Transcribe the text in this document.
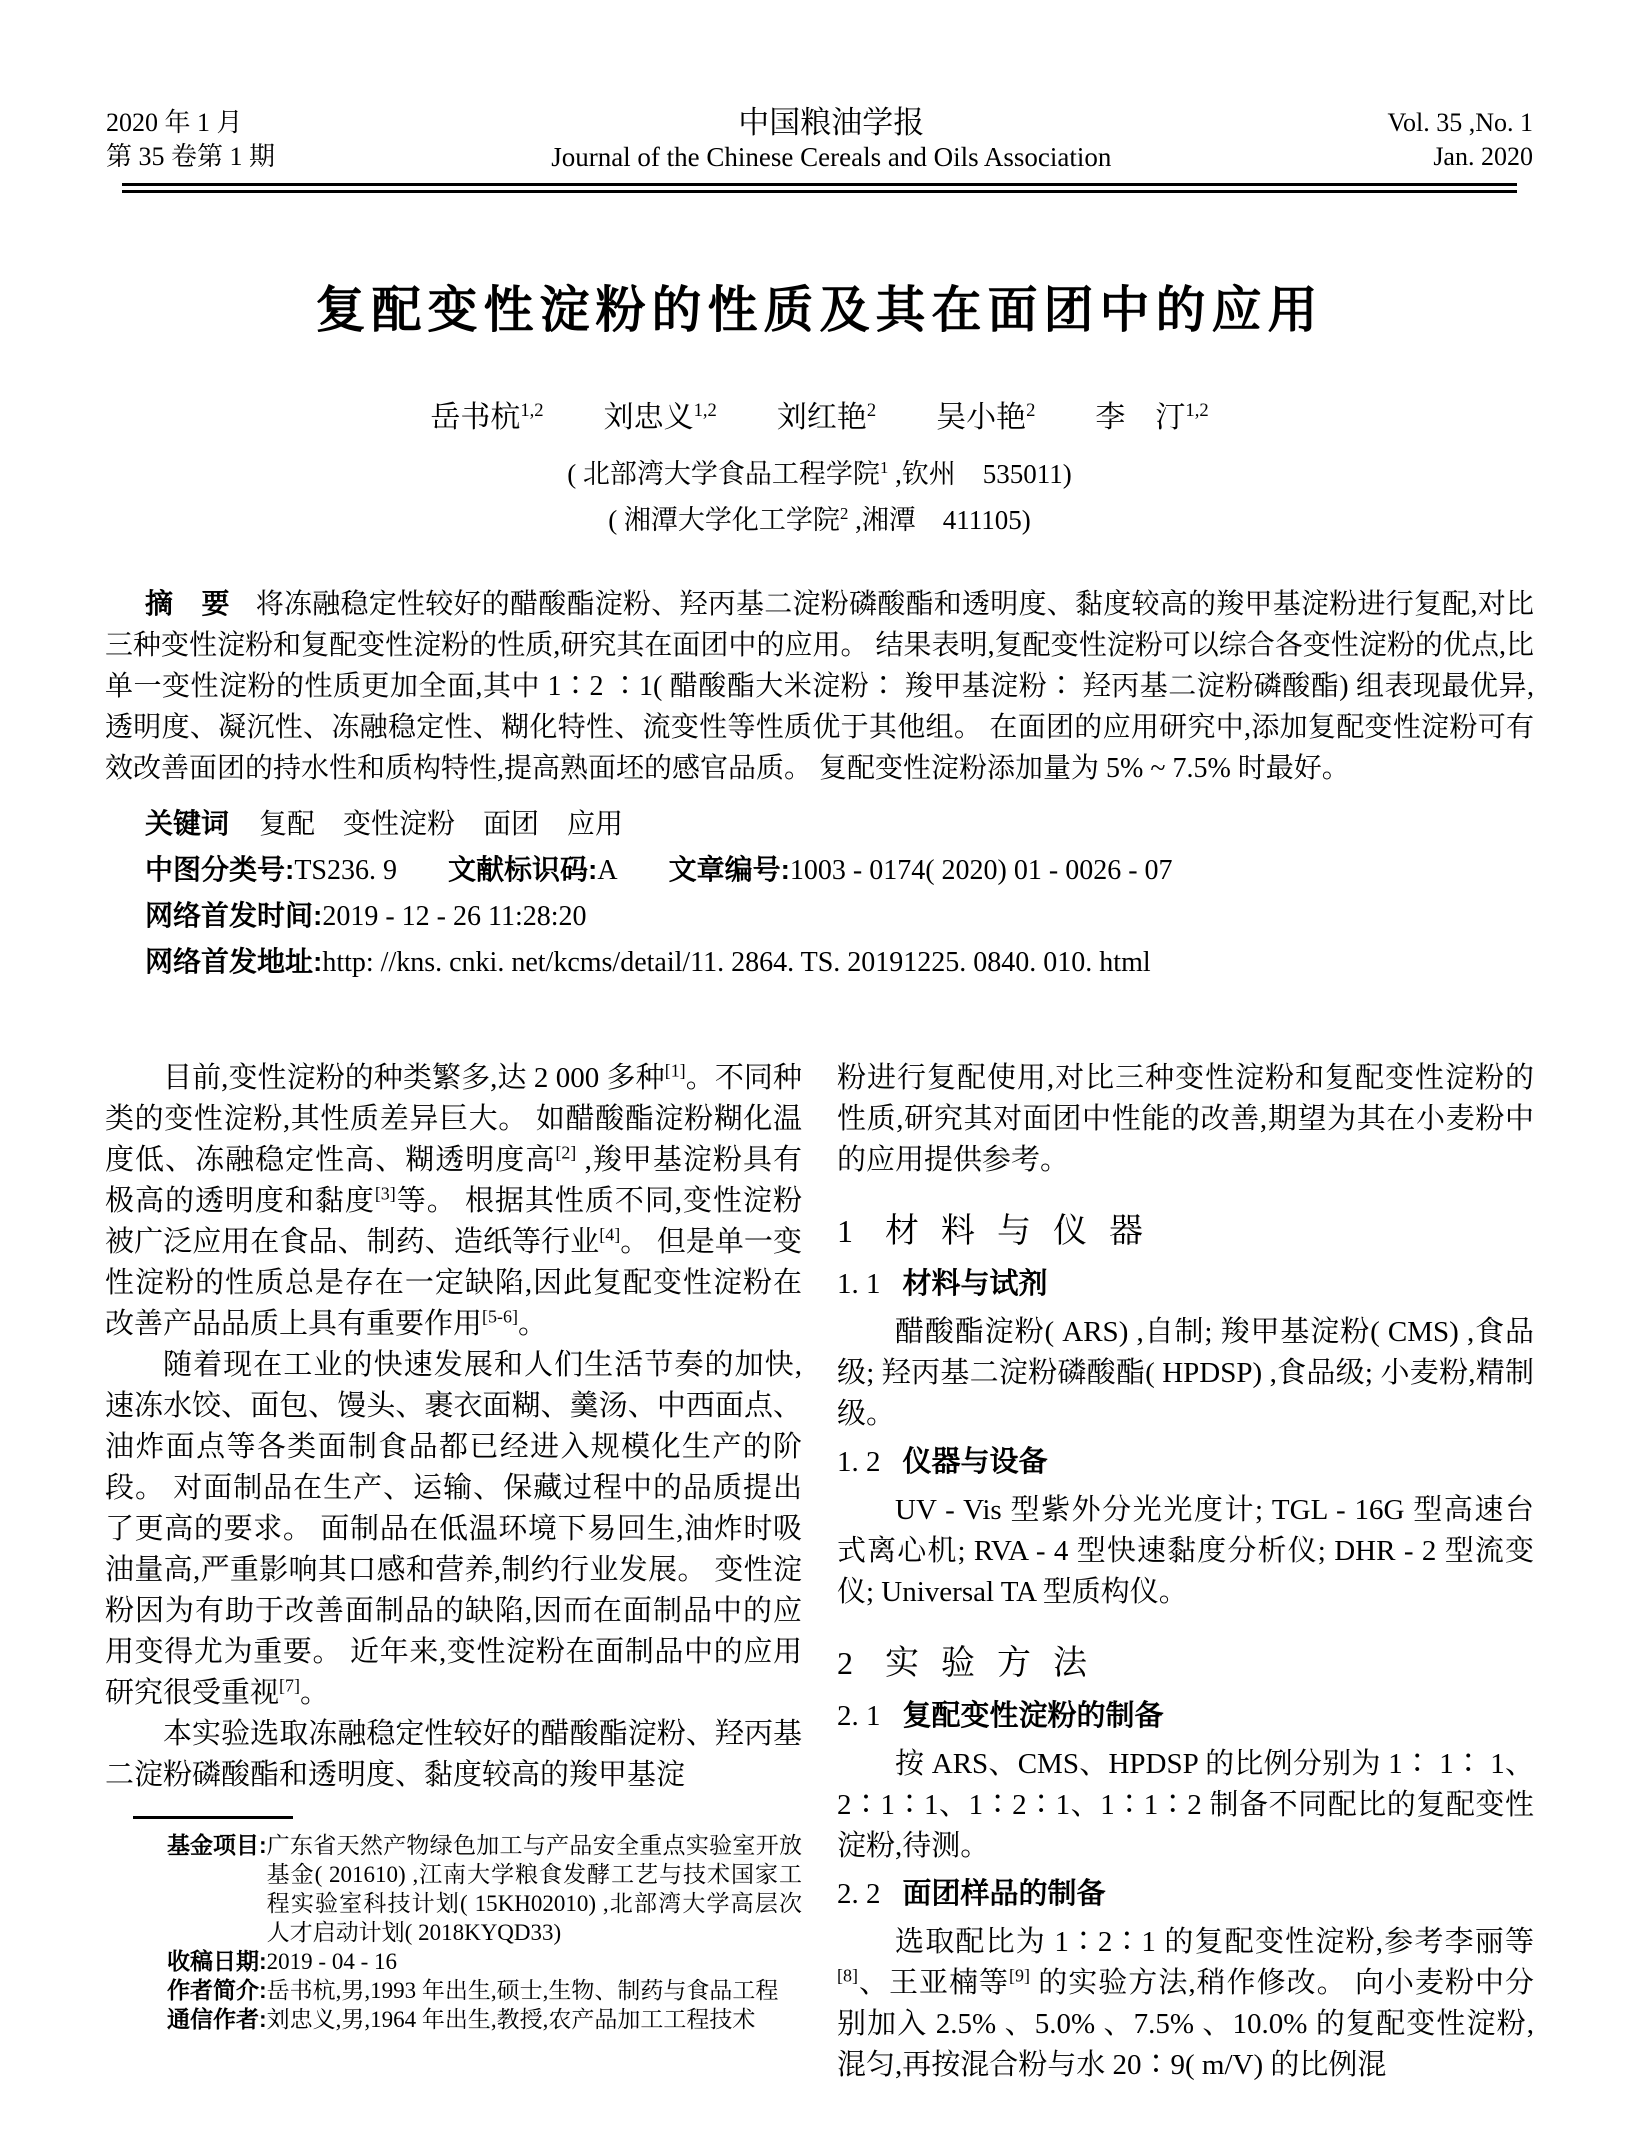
2020 年 1 月
第 35 卷第 1 期
中国粮油学报
Journal of the Chinese Cereals and Oils Association
Vol. 35 ,No. 1
Jan. 2020
复配变性淀粉的性质及其在面团中的应用
岳书杭$^{1,2}$　　刘忠义$^{1,2}$　　刘红艳$^2$　　吴小艳$^2$　　李　汀$^{1,2}$
( 北部湾大学食品工程学院$^1$ ,钦州　535011)
( 湘潭大学化工学院$^2$ ,湘潭　411105)

摘　要 将冻融稳定性较好的醋酸酯淀粉、羟丙基二淀粉磷酸酯和透明度、黏度较高的羧甲基淀粉进行复配,对比三种变性淀粉和复配变性淀粉的性质,研究其在面团中的应用。 结果表明,复配变性淀粉可以综合各变性淀粉的优点,比单一变性淀粉的性质更加全面,其中 1∶2 ∶1( 醋酸酯大米淀粉∶ 羧甲基淀粉∶ 羟丙基二淀粉磷酸酯) 组表现最优异,透明度、凝沉性、冻融稳定性、糊化特性、流变性等性质优于其他组。 在面团的应用研究中,添加复配变性淀粉可有效改善面团的持水性和质构特性,提高熟面坯的感官品质。 复配变性淀粉添加量为 5% ~ 7.5% 时最好。

关键词 复配　变性淀粉　面团　应用

中图分类号:TS236. 9 文献标识码:A 文章编号:1003 - 0174( 2020) 01 - 0026 - 07

网络首发时间:2019 - 12 - 26 11:28:20

网络首发地址:http: //kns. cnki. net/kcms/detail/11. 2864. TS. 20191225. 0840. 010. html

目前,变性淀粉的种类繁多,达 2 000 多种[1]。不同种类的变性淀粉,其性质差异巨大。 如醋酸酯淀粉糊化温度低、冻融稳定性高、糊透明度高[2] ,羧甲基淀粉具有极高的透明度和黏度[3]等。 根据其性质不同,变性淀粉被广泛应用在食品、制药、造纸等行业[4]。 但是单一变性淀粉的性质总是存在一定缺陷,因此复配变性淀粉在改善产品品质上具有重要作用[5-6]。

随着现在工业的快速发展和人们生活节奏的加快,速冻水饺、面包、馒头、裹衣面糊、羹汤、中西面点、油炸面点等各类面制食品都已经进入规模化生产的阶段。 对面制品在生产、运输、保藏过程中的品质提出了更高的要求。 面制品在低温环境下易回生,油炸时吸油量高,严重影响其口感和营养,制约行业发展。 变性淀粉因为有助于改善面制品的缺陷,因而在面制品中的应用变得尤为重要。 近年来,变性淀粉在面制品中的应用研究很受重视[7]。

本实验选取冻融稳定性较好的醋酸酯淀粉、羟丙基二淀粉磷酸酯和透明度、黏度较高的羧甲基淀

基金项目: 广东省天然产物绿色加工与产品安全重点实验室开放基金( 201610) ,江南大学粮食发酵工艺与技术国家工程实验室科技计划( 15KH02010) ,北部湾大学高层次人才启动计划( 2018KYQD33)
收稿日期: 2019 - 04 - 16
作者简介: 岳书杭,男,1993 年出生,硕士,生物、制药与食品工程
通信作者: 刘忠义,男,1964 年出生,教授,农产品加工工程技术

粉进行复配使用,对比三种变性淀粉和复配变性淀粉的性质,研究其对面团中性能的改善,期望为其在小麦粉中的应用提供参考。

1 材料与仪器
1. 1 材料与试剂

醋酸酯淀粉( ARS) ,自制; 羧甲基淀粉( CMS) ,食品级; 羟丙基二淀粉磷酸酯( HPDSP) ,食品级; 小麦粉,精制级。

1. 2 仪器与设备

UV - Vis 型紫外分光光度计; TGL - 16G 型高速台式离心机; RVA - 4 型快速黏度分析仪; DHR - 2 型流变仪; Universal TA 型质构仪。

2 实验方法
2. 1 复配变性淀粉的制备

按 ARS、CMS、HPDSP 的比例分别为 1∶ 1∶ 1、2∶1∶1、1∶2∶1、1∶1∶2 制备不同配比的复配变性淀粉,待测。

2. 2 面团样品的制备

选取配比为 1∶2∶1 的复配变性淀粉,参考李丽等[8]、王亚楠等[9] 的实验方法,稍作修改。 向小麦粉中分别加入 2.5% 、5.0% 、7.5% 、10.0% 的复配变性淀粉,混匀,再按混合粉与水 20∶9( m/V) 的比例混
